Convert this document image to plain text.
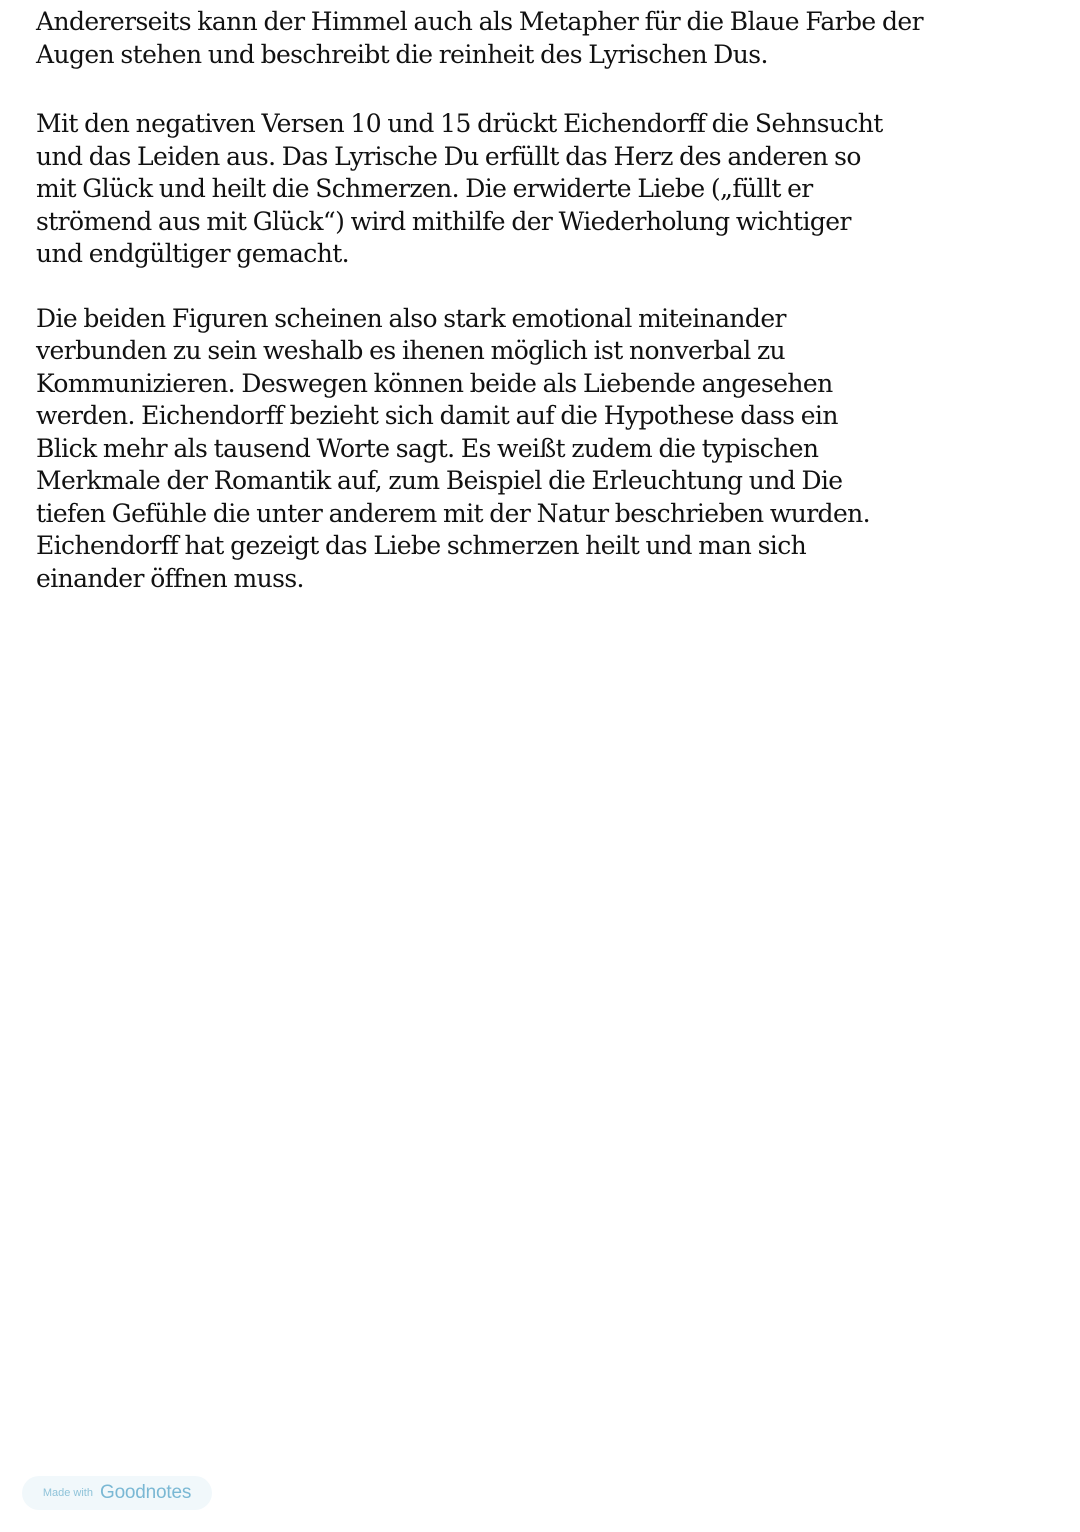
Andererseits kann der Himmel auch als Metapher für die Blaue Farbe der
Augen stehen und beschreibt die reinheit des Lyrischen Dus.

Mit den negativen Versen 10 und 15 drückt Eichendorff die Sehnsucht
und das Leiden aus. Das Lyrische Du erfüllt das Herz des anderen so
mit Glück und heilt die Schmerzen. Die erwiderte Liebe („füllt er
strömend aus mit Glück“) wird mithilfe der Wiederholung wichtiger
und endgültiger gemacht.

Die beiden Figuren scheinen also stark emotional miteinander
verbunden zu sein weshalb es ihenen möglich ist nonverbal zu
Kommunizieren. Deswegen können beide als Liebende angesehen
werden. Eichendorff bezieht sich damit auf die Hypothese dass ein
Blick mehr als tausend Worte sagt. Es weißt zudem die typischen
Merkmale der Romantik auf, zum Beispiel die Erleuchtung und Die
tiefen Gefühle die unter anderem mit der Natur beschrieben wurden.
Eichendorff hat gezeigt das Liebe schmerzen heilt und man sich
einander öffnen muss.

Made with Goodnotes
